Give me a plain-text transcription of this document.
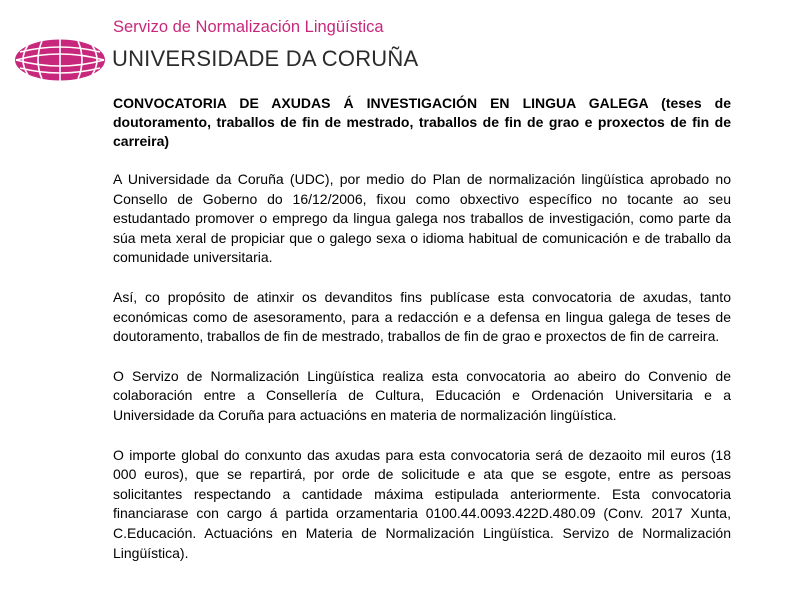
Servizo de Normalización Lingüística
UNIVERSIDADE DA CORUÑA
CONVOCATORIA DE AXUDAS Á INVESTIGACIÓN EN LINGUA GALEGA (teses de doutoramento, traballos de fin de mestrado, traballos de fin de grao e proxectos de fin de carreira)

A Universidade da Coruña (UDC), por medio do Plan de normalización lingüística aprobado no Consello de Goberno do 16/12/2006, fixou como obxectivo específico no tocante ao seu estudantado promover o emprego da lingua galega nos traballos de investigación, como parte da súa meta xeral de propiciar que o galego sexa o idioma habitual de comunicación e de traballo da comunidade universitaria.

Así, co propósito de atinxir os devanditos fins publícase esta convocatoria de axudas, tanto económicas como de asesoramento, para a redacción e a defensa en lingua galega de teses de doutoramento, traballos de fin de mestrado, traballos de fin de grao e proxectos de fin de carreira.

O Servizo de Normalización Lingüística realiza esta convocatoria ao abeiro do Convenio de colaboración entre a Consellería de Cultura, Educación e Ordenación Universitaria e a Universidade da Coruña para actuacións en materia de normalización lingüística.

O importe global do conxunto das axudas para esta convocatoria será de dezaoito mil euros (18 000 euros), que se repartirá, por orde de solicitude e ata que se esgote, entre as persoas solicitantes respectando a cantidade máxima estipulada anteriormente. Esta convocatoria financiarase con cargo á partida orzamentaria 0100.44.0093.422D.480.09 (Conv. 2017 Xunta, C.Educación. Actuacións en Materia de Normalización Lingüística. Servizo de Normalización Lingüística).
